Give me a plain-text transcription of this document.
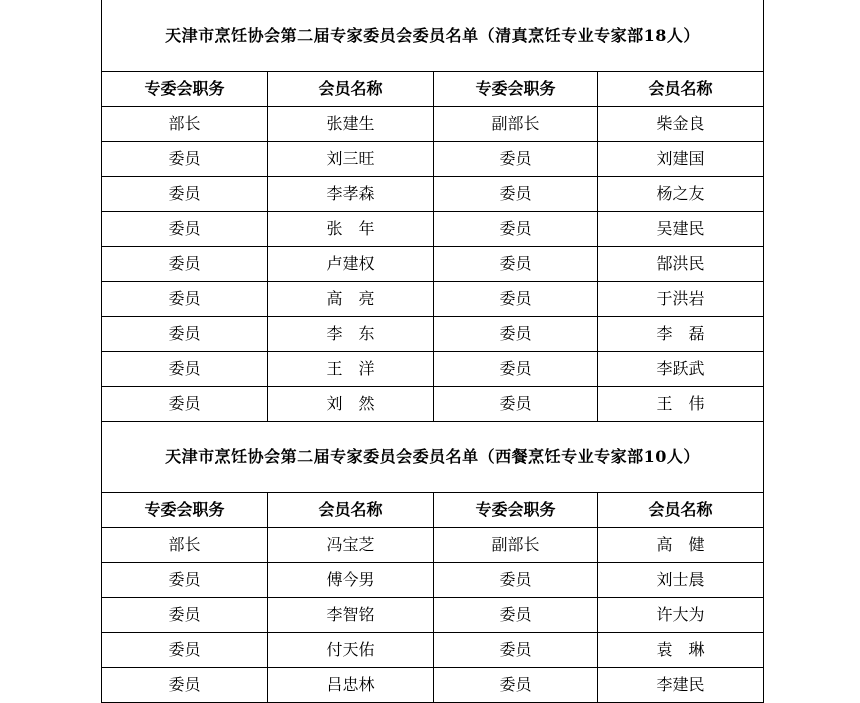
天津市烹饪协会第二届专家委员会委员名单（清真烹饪专业专家部18人）			
专委会职务	会员名称	专委会职务	会员名称
部长	张建生	副部长	柴金良
委员	刘三旺	委员	刘建国
委员	李孝森	委员	杨之友
委员	张　年	委员	吴建民
委员	卢建权	委员	郜洪民
委员	高　亮	委员	于洪岩
委员	李　东	委员	李　磊
委员	王　洋	委员	李跃武
委员	刘　然	委员	王　伟
天津市烹饪协会第二届专家委员会委员名单（西餐烹饪专业专家部10人）			
专委会职务	会员名称	专委会职务	会员名称
部长	冯宝芝	副部长	高　健
委员	傅今男	委员	刘士晨
委员	李智铭	委员	许大为
委员	付天佑	委员	袁　琳
委员	吕忠林	委员	李建民
